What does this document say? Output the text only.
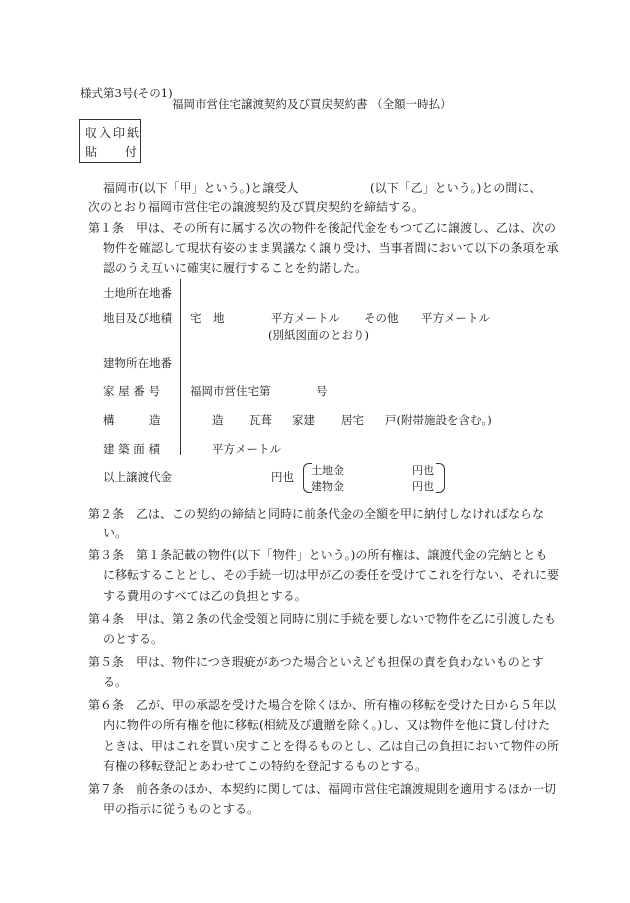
様式第3号(その1)
福岡市営住宅譲渡契約及び買戻契約書 （全額一時払）
収入印紙
貼 付
福岡市(以下「甲」という。)と譲受人	(以下「乙」という。)との間に、
次のとおり福岡市営住宅の譲渡契約及び買戻契約を締結する。
第１条　甲は、その所有に属する次の物件を後記代金をもつて乙に譲渡し、乙は、次の
物件を確認して現状有姿のまま異議なく譲り受け、当事者間において以下の条項を承
認のうえ互いに確実に履行することを約諾した。
土地所在地番
地目及び地積 宅　地	平方メートル その他 平方メートル
(別紙図面のとおり)
建物所在地番
家 屋 番 号	福岡市営住宅第	号
構　　　造	造 瓦葺 家建 居宅 戸(附帯施設を含む。)
建 築 面 積	平方メートル
以上譲渡代金	円也 土地金	円也
建物金	円也
第２条　乙は、この契約の締結と同時に前条代金の全額を甲に納付しなければならな
い。
第３条　第１条記載の物件(以下「物件」という。)の所有権は、譲渡代金の完納ととも
に移転することとし、その手続一切は甲が乙の委任を受けてこれを行ない、それに要
する費用のすべては乙の負担とする。
第４条　甲は、第２条の代金受領と同時に別に手続を要しないで物件を乙に引渡したも
のとする。
第５条　甲は、物件につき瑕疵があつた場合といえども担保の責を負わないものとす
る。
第６条　乙が、甲の承認を受けた場合を除くほか、所有権の移転を受けた日から５年以
内に物件の所有権を他に移転(相続及び遺贈を除く。)し、又は物件を他に貸し付けた
ときは、甲はこれを買い戻すことを得るものとし、乙は自己の負担において物件の所
有権の移転登記とあわせてこの特約を登記するものとする。
第７条　前各条のほか、本契約に関しては、福岡市営住宅譲渡規則を適用するほか一切
甲の指示に従うものとする。
